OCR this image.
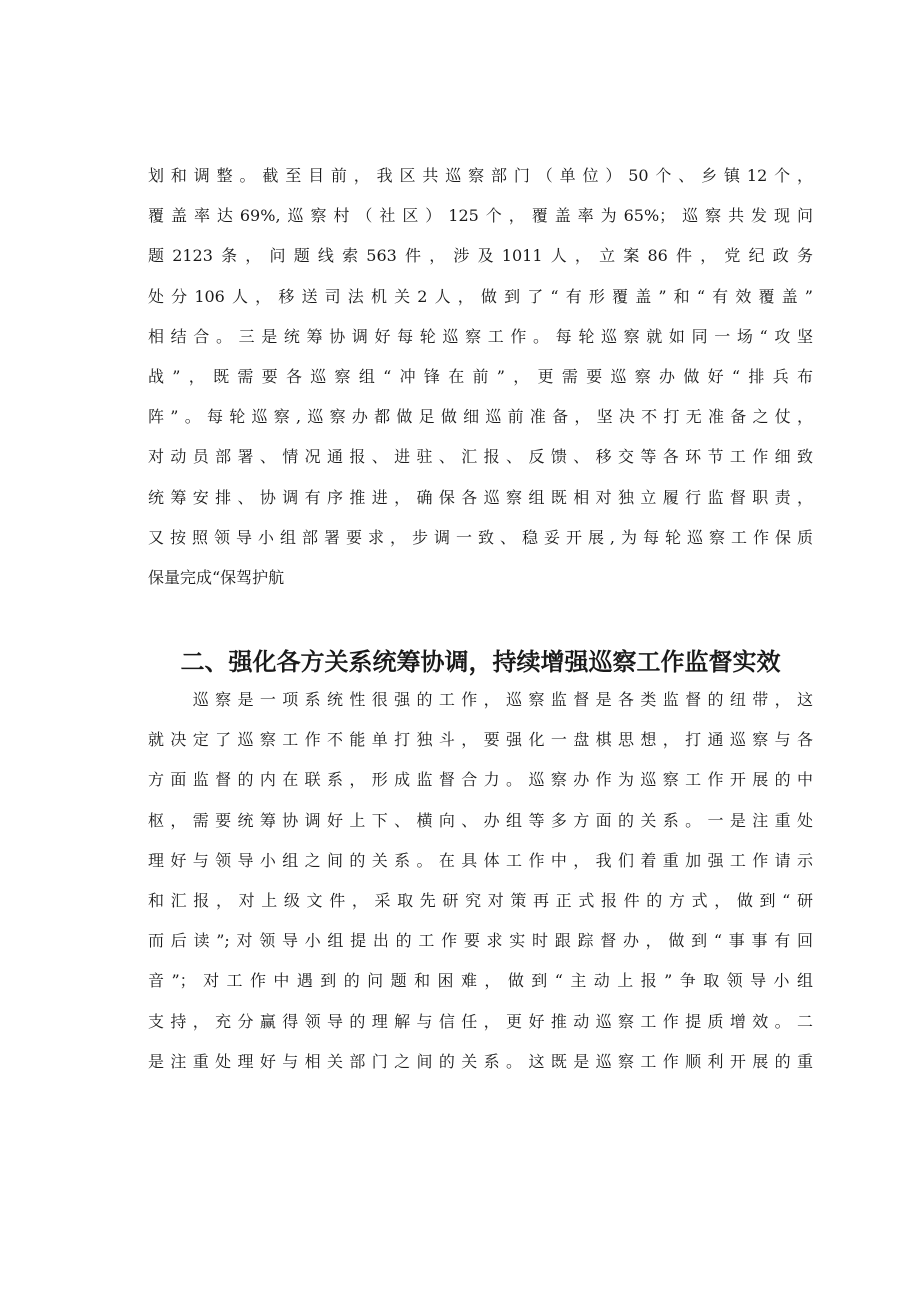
划和调整。截至目前，我区共巡察部门（单位）50个、乡镇12个，
覆盖率达69%,巡察村（社区）125个，覆盖率为65%；巡察共发现问
题2123条，问题线索563件，涉及1011人，立案86件，党纪政务
处分106人，移送司法机关2人，做到了“有形覆盖”和“有效覆盖”
相结合。三是统筹协调好每轮巡察工作。每轮巡察就如同一场“攻坚
战”，既需要各巡察组“冲锋在前”，更需要巡察办做好“排兵布
阵”。每轮巡察,巡察办都做足做细巡前准备，坚决不打无准备之仗，
对动员部署、情况通报、进驻、汇报、反馈、移交等各环节工作细致
统筹安排、协调有序推进，确保各巡察组既相对独立履行监督职责，
又按照领导小组部署要求，步调一致、稳妥开展,为每轮巡察工作保质
保量完成“保驾护航
二、强化各方关系统筹协调，持续增强巡察工作监督实效
　　巡察是一项系统性很强的工作，巡察监督是各类监督的纽带，这
就决定了巡察工作不能单打独斗，要强化一盘棋思想，打通巡察与各
方面监督的内在联系，形成监督合力。巡察办作为巡察工作开展的中
枢，需要统筹协调好上下、横向、办组等多方面的关系。一是注重处
理好与领导小组之间的关系。在具体工作中，我们着重加强工作请示
和汇报，对上级文件，采取先研究对策再正式报件的方式，做到“研
而后读”;对领导小组提出的工作要求实时跟踪督办，做到“事事有回
音”；对工作中遇到的问题和困难，做到“主动上报”争取领导小组
支持，充分赢得领导的理解与信任，更好推动巡察工作提质增效。二
是注重处理好与相关部门之间的关系。这既是巡察工作顺利开展的重
